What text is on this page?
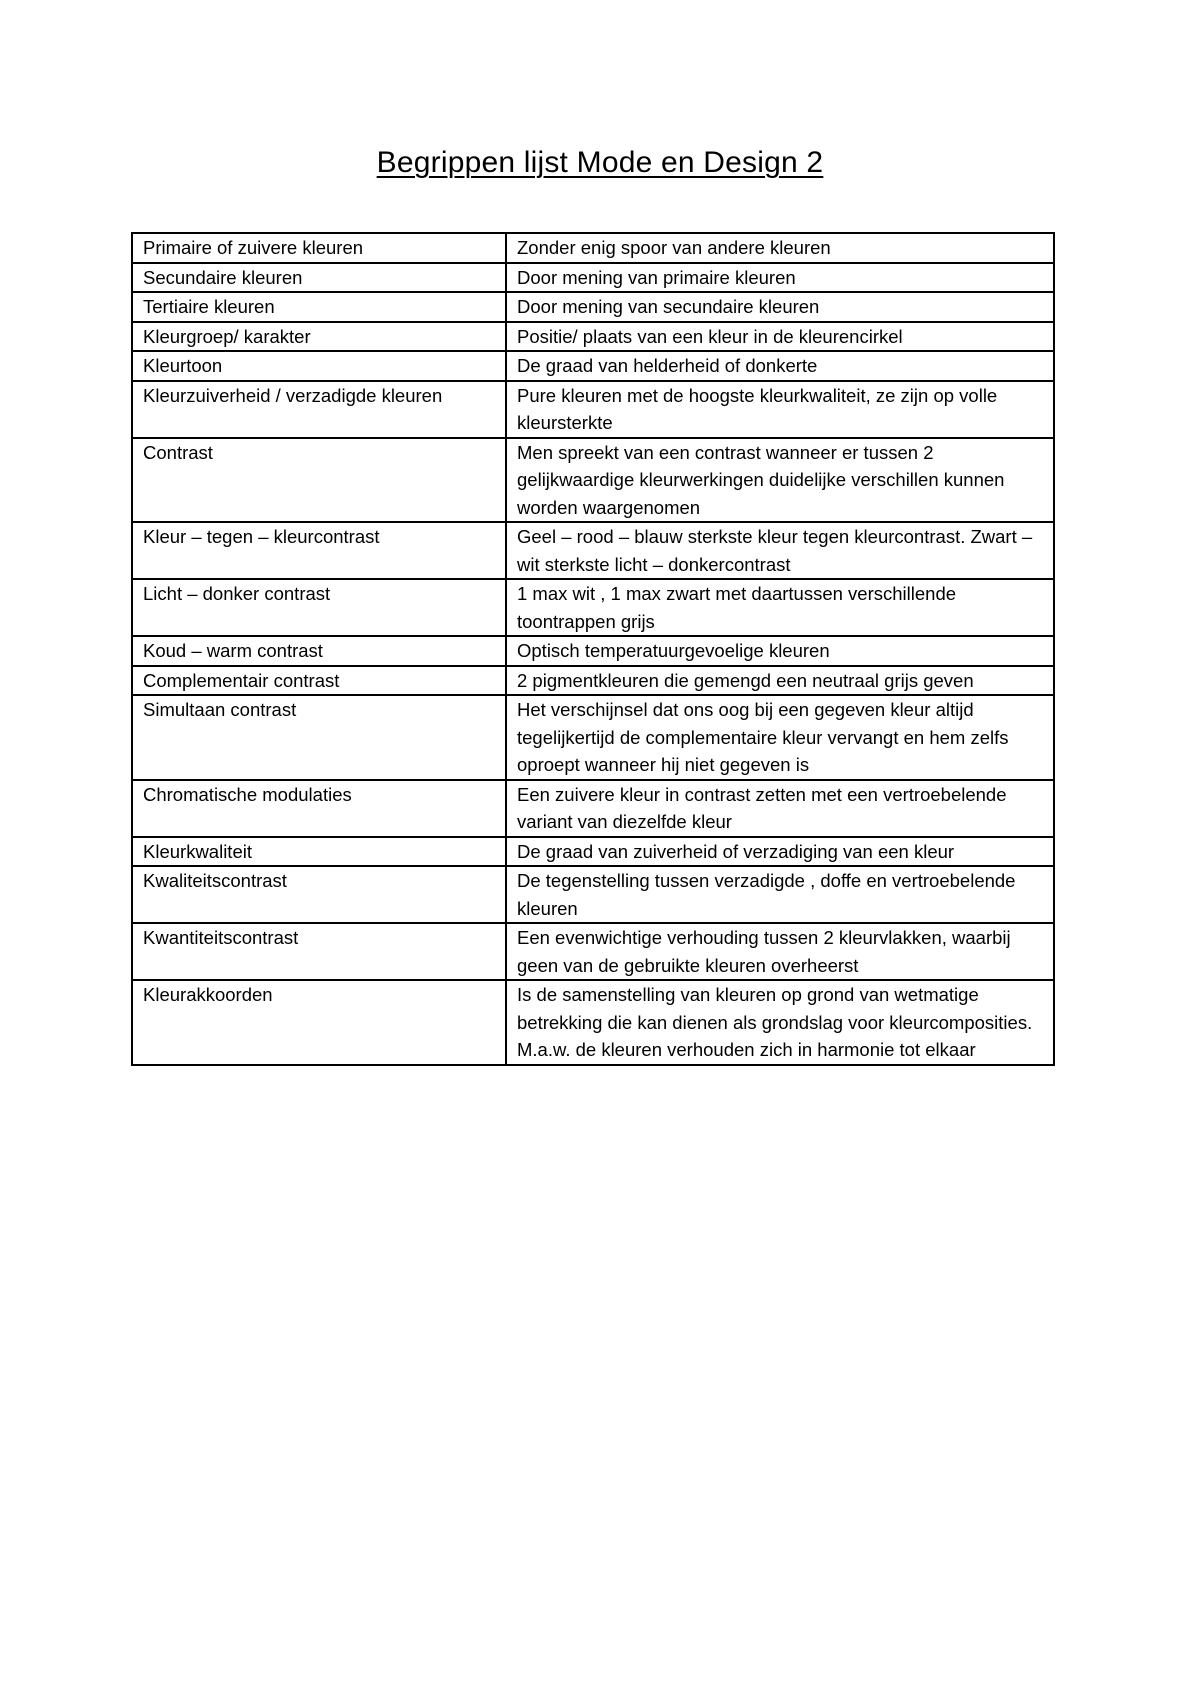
Begrippen lijst Mode en Design 2
Primaire of zuivere kleuren	Zonder enig spoor van andere kleuren
Secundaire kleuren	Door mening van primaire kleuren
Tertiaire kleuren	Door mening van secundaire kleuren
Kleurgroep/ karakter	Positie/ plaats van een kleur in de kleurencirkel
Kleurtoon	De graad van helderheid of donkerte
Kleurzuiverheid / verzadigde kleuren	Pure kleuren met de hoogste kleurkwaliteit, ze zijn op volle kleursterkte
Contrast	Men spreekt van een contrast wanneer er tussen 2 gelijkwaardige kleurwerkingen duidelijke verschillen kunnen worden waargenomen
Kleur – tegen – kleurcontrast	Geel – rood – blauw sterkste kleur tegen kleurcontrast. Zwart – wit sterkste licht – donkercontrast
Licht – donker contrast	1 max wit , 1 max zwart met daartussen verschillende toontrappen grijs
Koud – warm contrast	Optisch temperatuurgevoelige kleuren
Complementair contrast	2 pigmentkleuren die gemengd een neutraal grijs geven
Simultaan contrast	Het verschijnsel dat ons oog bij een gegeven kleur altijd tegelijkertijd de complementaire kleur vervangt en hem zelfs oproept wanneer hij niet gegeven is
Chromatische modulaties	Een zuivere kleur in contrast zetten met een vertroebelende variant van diezelfde kleur
Kleurkwaliteit	De graad van zuiverheid of verzadiging van een kleur
Kwaliteitscontrast	De tegenstelling tussen verzadigde , doffe en vertroebelende kleuren
Kwantiteitscontrast	Een evenwichtige verhouding tussen 2 kleurvlakken, waarbij geen van de gebruikte kleuren overheerst
Kleurakkoorden	Is de samenstelling van kleuren op grond van wetmatige betrekking die kan dienen als grondslag voor kleurcomposities. M.a.w. de kleuren verhouden zich in harmonie tot elkaar
